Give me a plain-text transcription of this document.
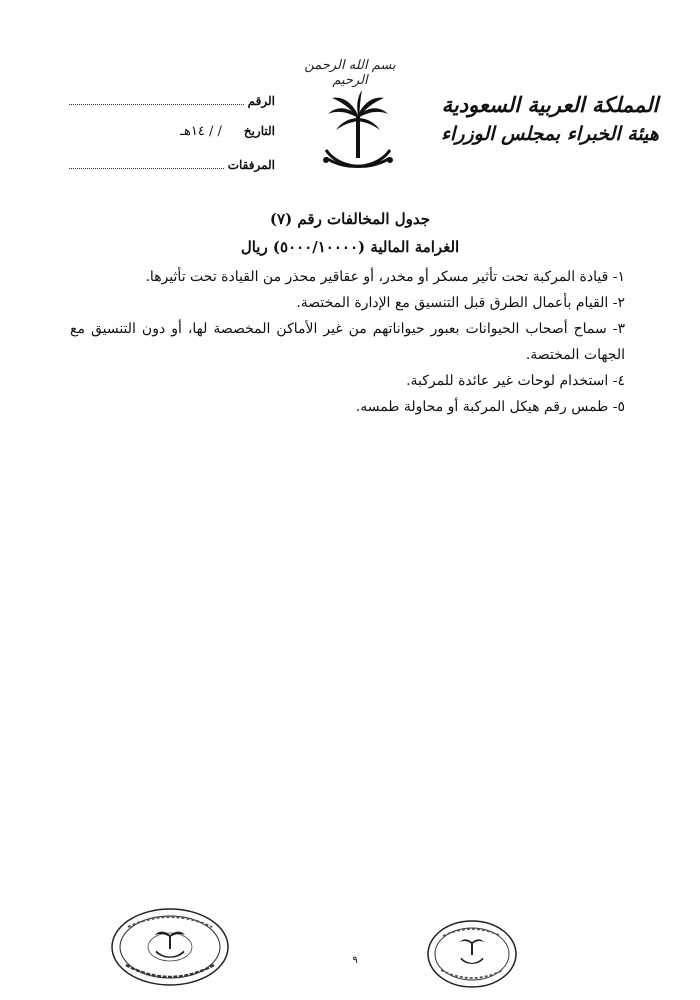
بسم الله الرحمن الرحيم
المملكة العربية السعودية
هيئة الخبراء بمجلس الوزراء
الرقم
التاريخ
/ / ١٤هـ
المرفقات
جدول المخالفات رقم (٧)
الغرامة المالية (٥٠٠٠/١٠٠٠٠) ريال
١- قيادة المركبة تحت تأثير مسكر أو مخدر، أو عقاقير محذر من القيادة تحت تأثيرها.
٢- القيام بأعمال الطرق قبل التنسيق مع الإدارة المختصة.
٣- سماح أصحاب الحيوانات بعبور حيواناتهم من غير الأماكن المخصصة لها، أو دون التنسيق مع الجهات المختصة.
٤- استخدام لوحات غير عائدة للمركبة.
٥- طمس رقم هيكل المركبة أو محاولة طمسه.
٩
